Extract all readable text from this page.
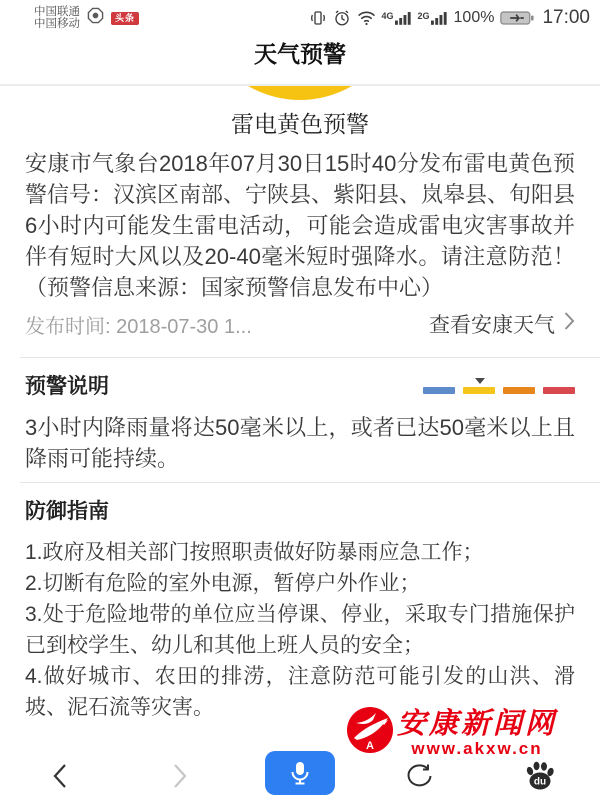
中国联通
中国移动
头条	4G	2G 100%	17:00
天气预警
雷电黄色预警

安康市气象台2018年07月30日15时40分发布雷电黄色预警信号：汉滨区南部、宁陕县、紫阳县、岚皋县、旬阳县6小时内可能发生雷电活动，可能会造成雷电灾害事故并伴有短时大风以及20-40毫米短时强降水。请注意防范！（预警信息来源：国家预警信息发布中心）

发布时间: 2018-07-30 1...	查看安康天气
预警说明

3小时内降雨量将达50毫米以上，或者已达50毫米以上且降雨可能持续。

防御指南

1.政府及相关部门按照职责做好防暴雨应急工作；

2.切断有危险的室外电源，暂停户外作业；

3.处于危险地带的单位应当停课、停业，采取专门措施保护已到校学生、幼儿和其他上班人员的安全；

4.做好城市、农田的排涝，注意防范可能引发的山洪、滑坡、泥石流等灾害。

A
安康新闻网
www.akxw.cn
du
